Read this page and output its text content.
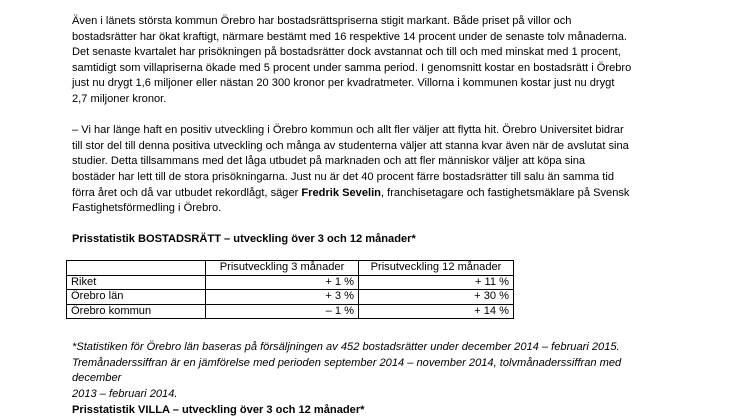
Även i länets största kommun Örebro har bostadsrättspriserna stigit markant. Både priset på villor och
bostadsrätter har ökat kraftigt, närmare bestämt med 16 respektive 14 procent under de senaste tolv månaderna.
Det senaste kvartalet har prisökningen på bostadsrätter dock avstannat och till och med minskat med 1 procent,
samtidigt som villapriserna ökade med 5 procent under samma period. I genomsnitt kostar en bostadsrätt i Örebro
just nu drygt 1,6 miljoner eller nästan 20 300 kronor per kvadratmeter. Villorna i kommunen kostar just nu drygt
2,7 miljoner kronor.

– Vi har länge haft en positiv utveckling i Örebro kommun och allt fler väljer att flytta hit. Örebro Universitet bidrar
till stor del till denna positiva utveckling och många av studenterna väljer att stanna kvar även när de avslutat sina
studier. Detta tillsammans med det låga utbudet på marknaden och att fler människor väljer att köpa sina
bostäder har lett till de stora prisökningarna. Just nu är det 40 procent färre bostadsrätter till salu än samma tid
förra året och då var utbudet rekordlågt, säger Fredrik Sevelin, franchisetagare och fastighetsmäklare på Svensk
Fastighetsförmedling i Örebro.

Prisstatistik BOSTADSRÄTT – utveckling över 3 och 12 månader*

	Prisutveckling 3 månader	Prisutveckling 12 månader
Riket	+ 1 %	+ 11 %
Örebro län	+ 3 %	+ 30 %
Örebro kommun	– 1 %	+ 14 %

*Statistiken för Örebro län baseras på försäljningen av 452 bostadsrätter under december 2014 – februari 2015.
Tremånaderssiffran är en jämförelse med perioden september 2014 – november 2014, tolvmånaderssiffran med december
2013 – februari 2014.

Prisstatistik VILLA – utveckling över 3 och 12 månader*
